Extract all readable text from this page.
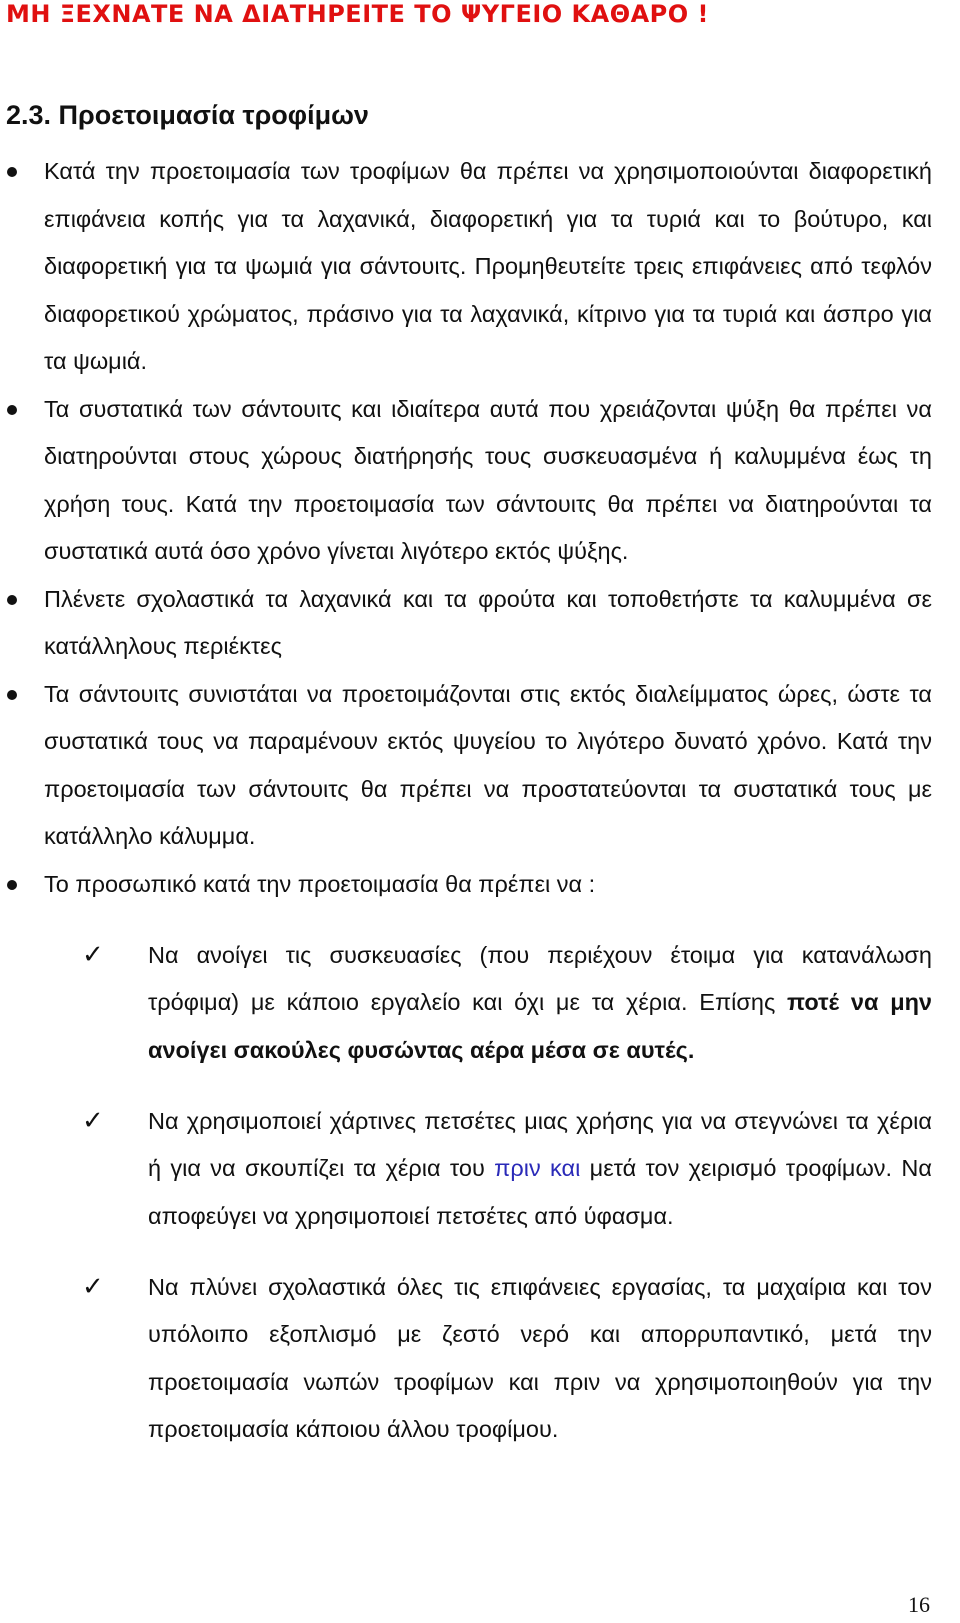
ΜΗ ΞΕΧΝΑΤΕ ΝΑ ΔΙΑΤΗΡΕΙΤΕ ΤΟ ΨΥΓΕΙΟ ΚΑΘΑΡΟ !
2.3. Προετοιμασία τροφίμων

Κατά την προετοιμασία των τροφίμων θα πρέπει να χρησιμοποιούνται διαφορετική επιφάνεια κοπής για τα λαχανικά, διαφορετική για τα τυριά και το βούτυρο, και διαφορετική για τα ψωμιά για σάντουιτς. Προμηθευτείτε τρεις επιφάνειες από τεφλόν διαφορετικού χρώματος, πράσινο για τα λαχανικά, κίτρινο για τα τυριά και άσπρο για τα ψωμιά.

Τα συστατικά των σάντουιτς και ιδιαίτερα αυτά που χρειάζονται ψύξη θα πρέπει να διατηρούνται στους χώρους διατήρησής τους συσκευασμένα ή καλυμμένα έως τη χρήση τους. Κατά την προετοιμασία των σάντουιτς θα πρέπει να διατηρούνται τα συστατικά αυτά όσο χρόνο γίνεται λιγότερο εκτός ψύξης.

Πλένετε σχολαστικά τα λαχανικά και τα φρούτα και τοποθετήστε τα καλυμμένα σε κατάλληλους περιέκτες

Τα σάντουιτς συνιστάται να προετοιμάζονται στις εκτός διαλείμματος ώρες, ώστε τα συστατικά τους να παραμένουν εκτός ψυγείου το λιγότερο δυνατό χρόνο. Κατά την προετοιμασία των σάντουιτς θα πρέπει να προστατεύονται τα συστατικά τους με κατάλληλο κάλυμμα.

Το προσωπικό κατά την προετοιμασία θα πρέπει να :

✓ Να ανοίγει τις συσκευασίες (που περιέχουν έτοιμα για κατανάλωση τρόφιμα) με κάποιο εργαλείο και όχι με τα χέρια. Επίσης ποτέ να μην ανοίγει σακούλες φυσώντας αέρα μέσα σε αυτές.

✓ Να χρησιμοποιεί χάρτινες πετσέτες μιας χρήσης για να στεγνώνει τα χέρια ή για να σκουπίζει τα χέρια του πριν και μετά τον χειρισμό τροφίμων. Να αποφεύγει να χρησιμοποιεί πετσέτες από ύφασμα.

✓ Να πλύνει σχολαστικά όλες τις επιφάνειες εργασίας, τα μαχαίρια και τον υπόλοιπο εξοπλισμό με ζεστό νερό και απορρυπαντικό, μετά την προετοιμασία νωπών τροφίμων και πριν να χρησιμοποιηθούν για την προετοιμασία κάποιου άλλου τροφίμου.

16
